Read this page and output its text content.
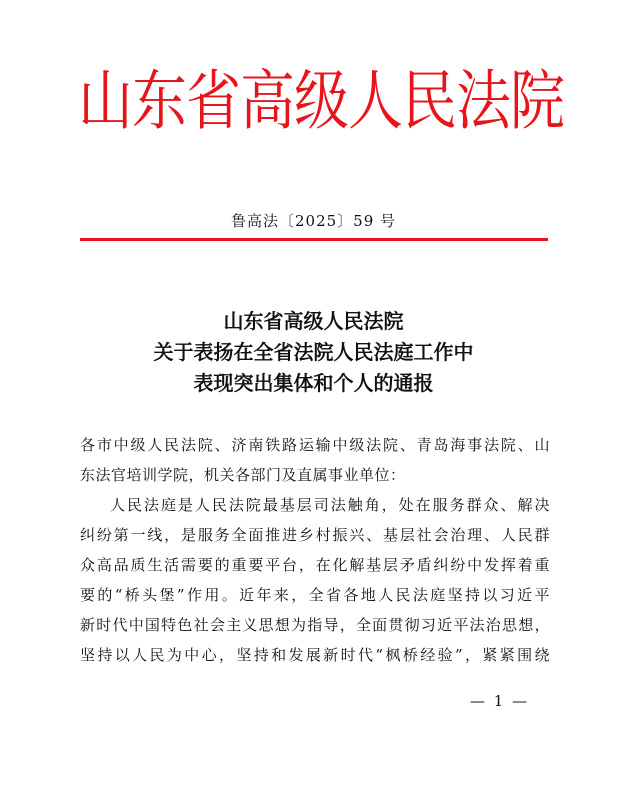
山东省高级人民法院
鲁高法〔2025〕59 号
山东省高级人民法院
关于表扬在全省法院人民法庭工作中
表现突出集体和个人的通报
各市中级人民法院、济南铁路运输中级法院、青岛海事法院、山
东法官培训学院，机关各部门及直属事业单位：
人民法庭是人民法院最基层司法触角，处在服务群众、解决
纠纷第一线，是服务全面推进乡村振兴、基层社会治理、人民群
众高品质生活需要的重要平台，在化解基层矛盾纠纷中发挥着重
要的“桥头堡”作用。近年来，全省各地人民法庭坚持以习近平
新时代中国特色社会主义思想为指导，全面贯彻习近平法治思想，
坚持以人民为中心，坚持和发展新时代“枫桥经验”，紧紧围绕
— 1 —
